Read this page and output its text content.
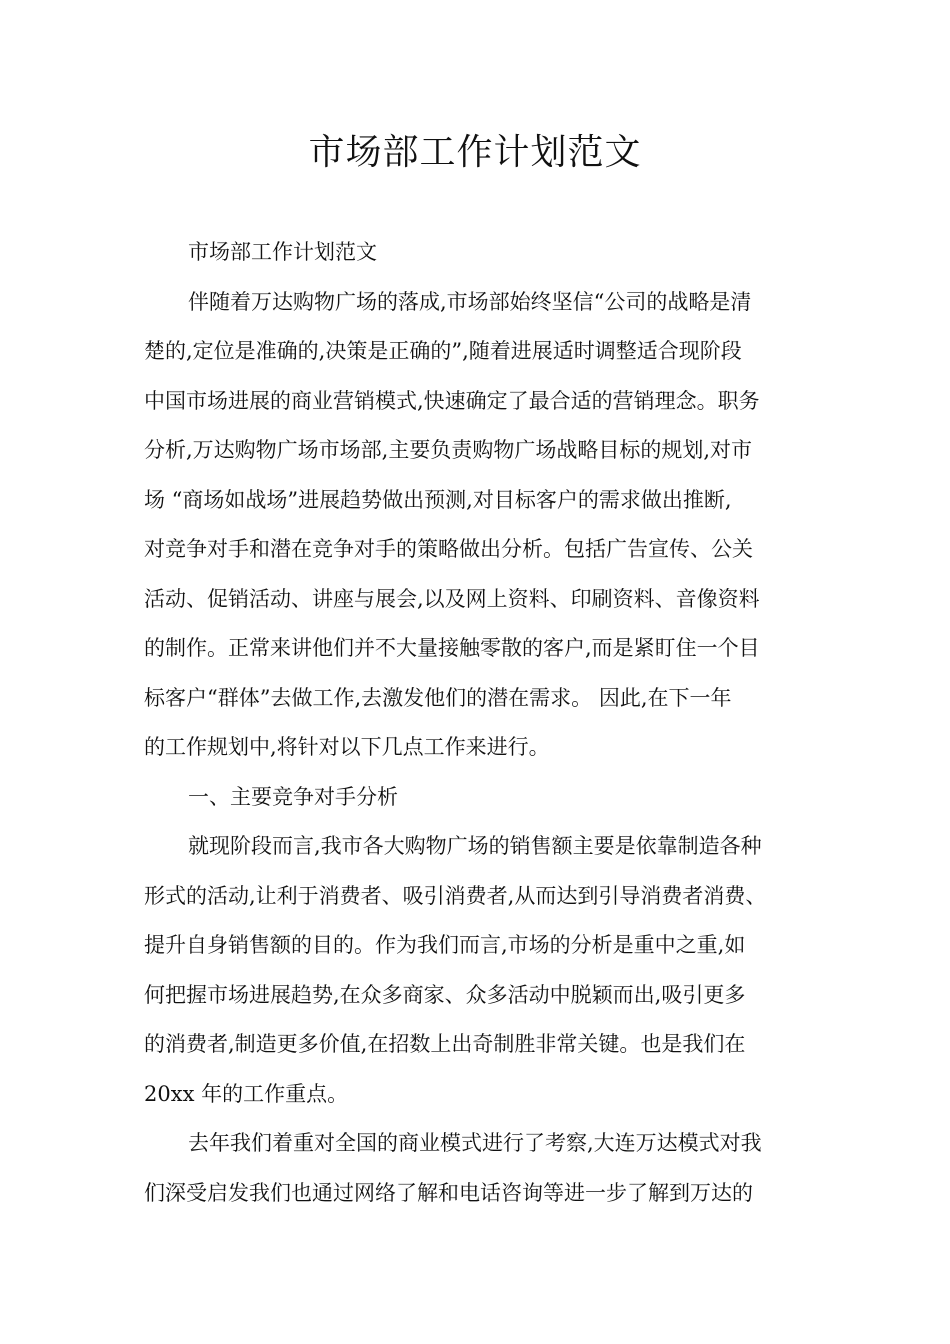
市场部工作计划范文
市场部工作计划范文
伴随着万达购物广场的落成,市场部始终坚信“公司的战略是清
楚的,定位是准确的,决策是正确的”,随着进展适时调整适合现阶段
中国市场进展的商业营销模式,快速确定了最合适的营销理念。职务
分析,万达购物广场市场部,主要负责购物广场战略目标的规划,对市
场 “商场如战场”进展趋势做出预测,对目标客户的需求做出推断,
对竞争对手和潜在竞争对手的策略做出分析。包括广告宣传、公关
活动、促销活动、讲座与展会,以及网上资料、印刷资料、音像资料
的制作。正常来讲他们并不大量接触零散的客户,而是紧盯住一个目
标客户“群体”去做工作,去激发他们的潜在需求。 因此,在下一年
的工作规划中,将针对以下几点工作来进行。
一、主要竞争对手分析
就现阶段而言,我市各大购物广场的销售额主要是依靠制造各种
形式的活动,让利于消费者、吸引消费者,从而达到引导消费者消费、
提升自身销售额的目的。作为我们而言,市场的分析是重中之重,如
何把握市场进展趋势,在众多商家、众多活动中脱颖而出,吸引更多
的消费者,制造更多价值,在招数上出奇制胜非常关键。也是我们在
20xx 年的工作重点。
去年我们着重对全国的商业模式进行了考察,大连万达模式对我
们深受启发我们也通过网络了解和电话咨询等进一步了解到万达的
